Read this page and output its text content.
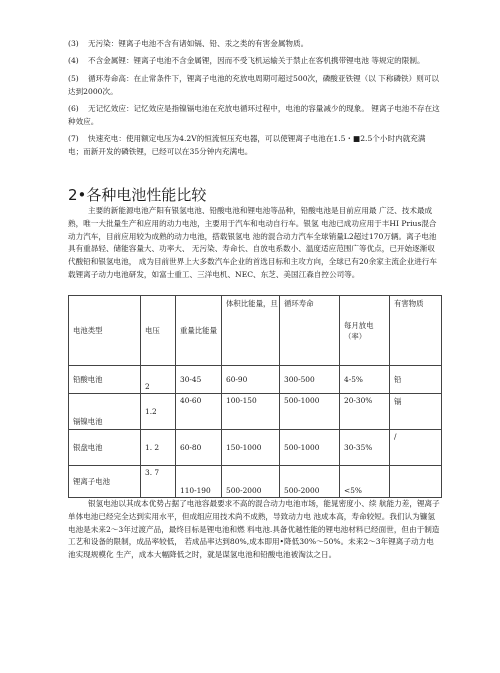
(3) 无污染：锂离子电池不含有诸如镉、铅、汞之类的有害金属物质。

(4) 不含金属锂：锂离子电池不含金属锂，因而不受飞机运输关于禁止在客机携带锂电池 等规定的限制。

(5) 循环寿命高：在止常条件下，锂离子电池的充放电周期可超过500次，磷酸亚铁锂（以 下称磷铁）则可以达到2000次。

(6) 无记忆效应：记忆效应是指镍镉电池在充放电循环过程中，电池的容量减少的现象。 锂离子电池不存在这种效应。

(7) 快速充电：使用额定电压为4.2V的恒流恒压充电器，可以使锂离子电池在1.5・■2.5个小时内就充满电；而新开发的磷铁锂，已经可以在35分钟内充满电。

2•各种电池性能比较

主要的新能源电池产阳有银氢电池、铅酸电池和锂电池等品种，铅酸电池是目前应用最 广泛、技术最成熟，唯一大批量生产和应用的动力电池，主要用于汽车和电动自行车。银氢 电池已成功应用于丰HI Prius混合动力汽车，目前应用较为成熟的动力电池，搭载银氢电 池的混合动力汽车全球销量L2超过170万辆。离子电池具有重昴轻、储能容量大、功率大、 无污染、寿命长、自放电系数小、温度适应范围广等优点，已开始逐渐収代酸铅和银氢电池， 成为目前世界上大多数汽车企业的首选目标和主攻方向，全球已有20余家主流企业进行车 载锂离子动力电池研发，如富士重工、三洋电机、NEC、东芝、美国江森自控公司等。

电池类型	电压	重量比能量	体积比能量，旦	循环寿命	每月放电（率）	有害物质
铅酸电池	2	30-45	60-90	300-500	4-5%	铅
镉镍电池	1.2	40-60	100-150	500-1000	20-30%	镉
银盘电池	1. 2	60-80	150-1000	500-1000	30-35%	/
锂离子电池	3. 7	110-190	500-2000	500-2000	<5%	

银氢电池以其成本优势占据了电池容最要求不高的混合动力电池市场，能晁密度小、续 航能力差，锂离子单体电池已经完全达到实用水平，但成组应用技术尚不成熟，导致动力电 池成本高，寿命较短。我们认为镰氢电池是未来2～3年过渡产品，最终目标是锂电池和燃 料电池.具备优越性能的锂电池材料已经面世，但由于制造工艺和设备的限制，成品率较低， 若成品率达到80%,成本即用•降低30%～50%。未来2～3年锂离子动力电池实现规模化 生产，成本大幅降低之时，就是谋氢电池和铅酸电池被淘汰之日。
